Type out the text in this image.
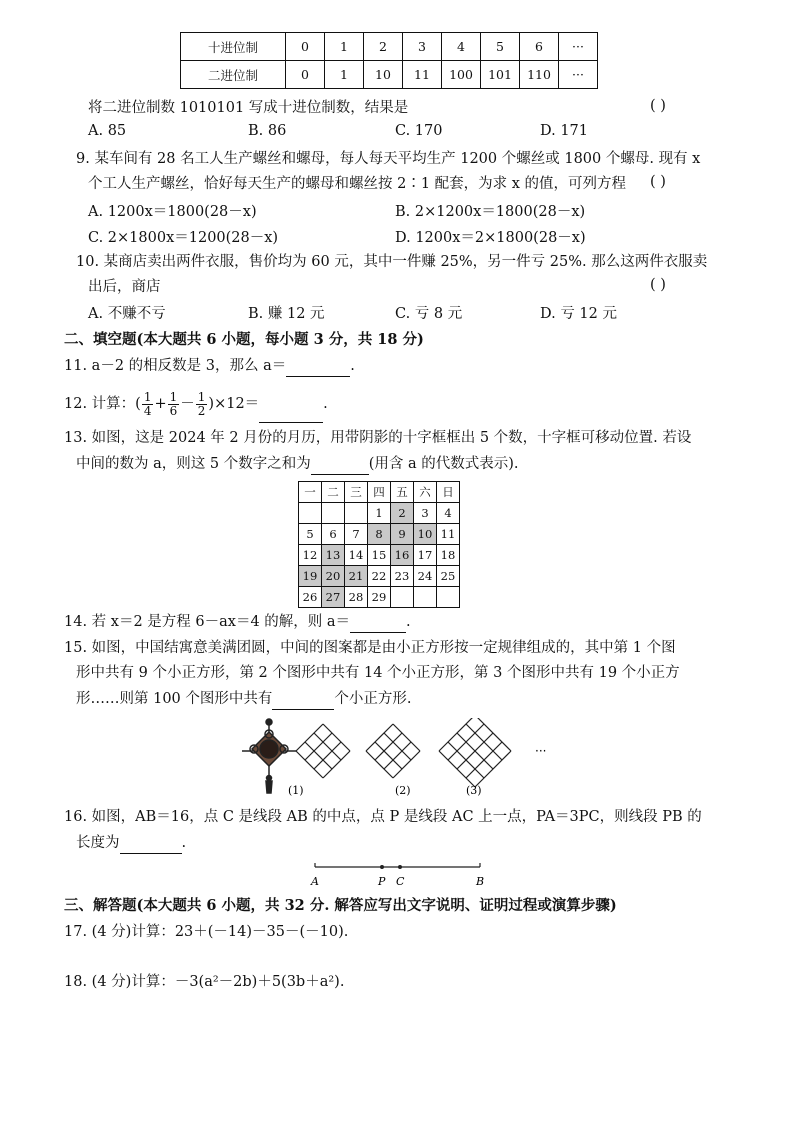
十进位制	0	1	2	3	4	5	6	···
二进位制	0	1	10	11	100	101	110	···
将二进位制数 1010101 写成十进位制数，结果是	( )
A. 85	B. 86	C. 170	D. 171
9. 某车间有 28 名工人生产螺丝和螺母，每人每天平均生产 1200 个螺丝或 1800 个螺母. 现有 x
个工人生产螺丝，恰好每天生产的螺母和螺丝按 2∶1 配套，为求 x 的值，可列方程 ( )
A. 1200x＝1800(28－x)	B. 2×1200x＝1800(28－x)
C. 2×1800x＝1200(28－x)	D. 1200x＝2×1800(28－x)
10. 某商店卖出两件衣服，售价均为 60 元，其中一件赚 25%，另一件亏 25%. 那么这两件衣服卖
出后，商店	( )
A. 不赚不亏	B. 赚 12 元	C. 亏 8 元	D. 亏 12 元
二、填空题(本大题共 6 小题，每小题 3 分，共 18 分)
11. a－2 的相反数是 3，那么 a＝	.
12. 计算：( $\frac{1}{4} + \frac{1}{6} - \frac{1}{2} )\times 12=$	.
13. 如图，这是 2024 年 2 月份的月历，用带阴影的十字框框出 5 个数，十字框可移动位置. 若设
中间的数为 a，则这 5 个数字之和为	(用含 a 的代数式表示).
一	二	三	四	五	六	日
			1	2	3	4
5	6	7	8	9	10	11
12	13	14	15	16	17	18
19	20	21	22	23	24	25
26	27	28	29			
14. 若 x＝2 是方程 6－ax＝4 的解，则 a＝	.
15. 如图，中国结寓意美满团圆，中间的图案都是由小正方形按一定规律组成的，其中第 1 个图
形中共有 9 个小正方形，第 2 个图形中共有 14 个小正方形，第 3 个图形中共有 19 个小正方
形……则第 100 个图形中共有	个小正方形.
···
(1)	(2)	(3)
16. 如图，AB＝16，点 C 是线段 AB 的中点，点 P 是线段 AC 上一点，PA＝3PC，则线段 PB 的
长度为	.
A	P C	B
三、解答题(本大题共 6 小题，共 32 分. 解答应写出文字说明、证明过程或演算步骤)
17. (4 分)计算：23＋(－14)－35－(－10).
18. (4 分)计算：－3(a²－2b)＋5(3b＋a²).
